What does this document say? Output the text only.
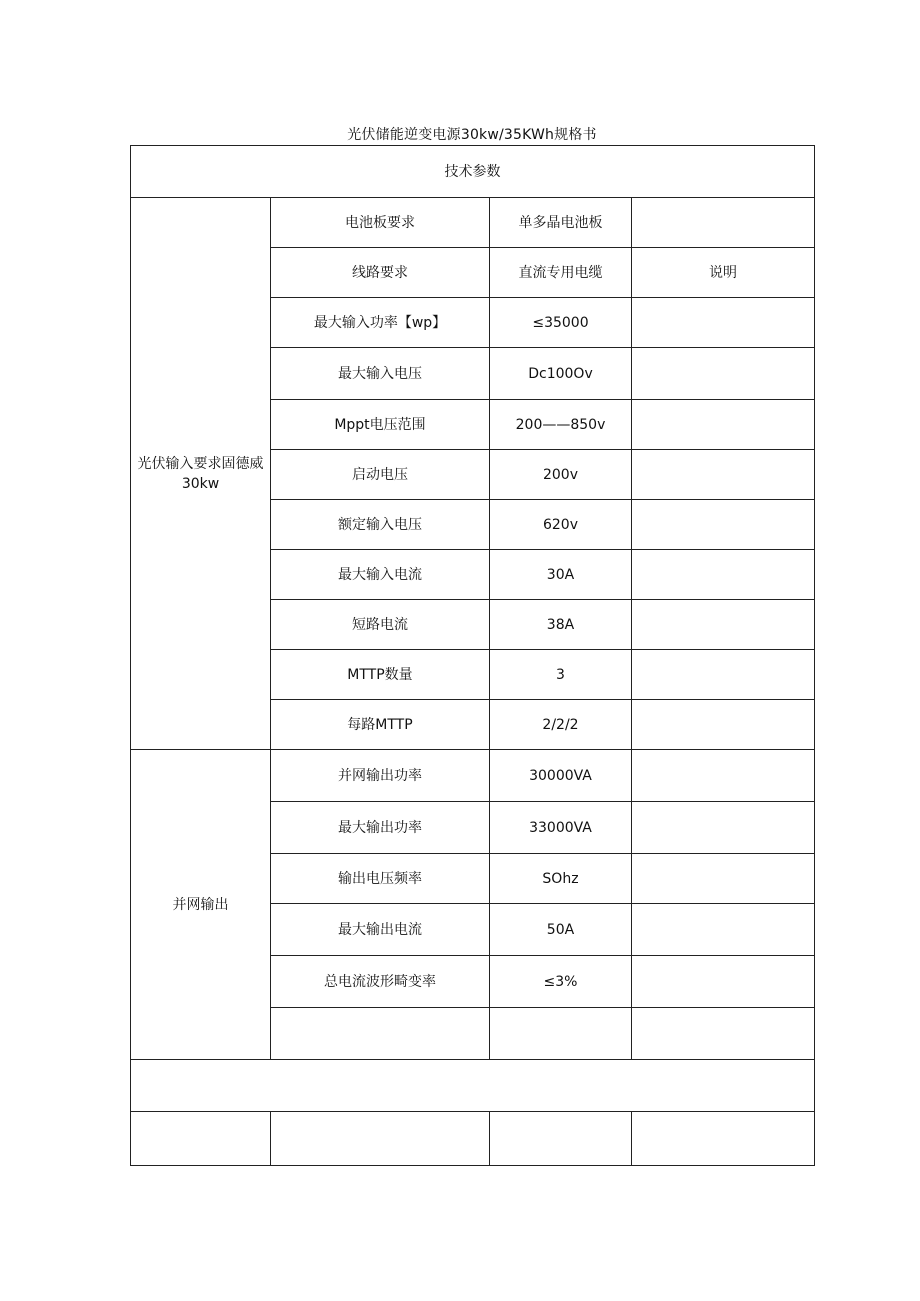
光伏储能逆变电源30kw/35KWh规格书
技术参数			
光伏输入要求固德威30kw	电池板要求	单多晶电池板	
	线路要求	直流专用电缆	说明
	最大输入功率【wp】	≤35000	
	最大输入电压	Dc100Ov	
	Mppt电压范围	200——850v	
	启动电压	200v	
	额定输入电压	620v	
	最大输入电流	30A	
	短路电流	38A	
	MTTP数量	3	
	每路MTTP	2/2/2	
并网输出	并网输出功率	30000VA	
	最大输出功率	33000VA	
	输出电压频率	SOhz	
	最大输出电流	50A	
	总电流波形畸变率	≤3%	
